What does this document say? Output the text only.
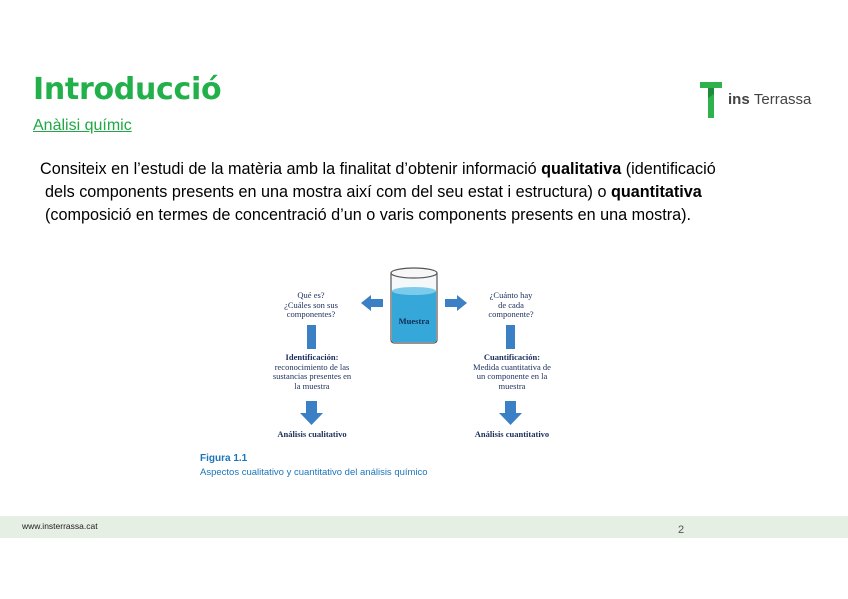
Introducció
Anàlisi químic
ins Terrassa

Consiteix en l’estudi de la matèria amb la finalitat d’obtenir informació qualitativa (identificació

dels components presents en una mostra així com del seu estat i estructura) o quantitativa

(composició en termes de concentració d’un o varis components presents en una mostra).

Muestra
Qué es?
¿Cuáles son sus
componentes?
¿Cuánto hay
de cada
componente?
Identificación:
reconocimiento de las
sustancias presentes en
la muestra
Cuantificación:
Medida cuantitativa de
un componente en la
muestra
Análisis cualitativo	Análisis cuantitativo
Figura 1.1
Aspectos cualitativo y cuantitativo del análisis químico
www.insterrassa.cat	2
